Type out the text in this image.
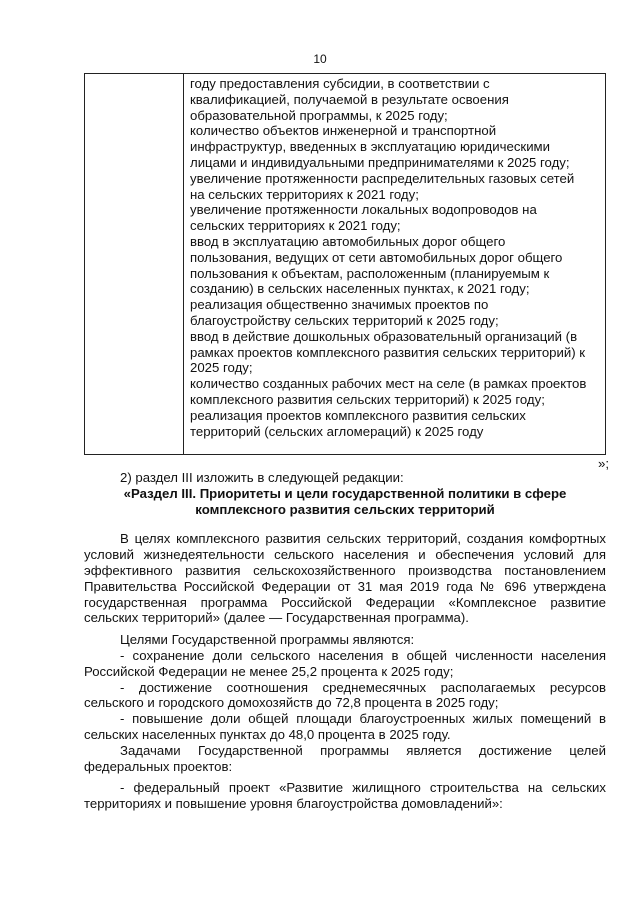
10

году предоставления субсидии, в соответствии с

квалификацией, получаемой в результате освоения

образовательной программы, к 2025 году;

количество объектов инженерной и транспортной

инфраструктур, введенных в эксплуатацию юридическими

лицами и индивидуальными предпринимателями к 2025 году;

увеличение протяженности распределительных газовых сетей

на сельских территориях к 2021 году;

увеличение протяженности локальных водопроводов на

сельских территориях к 2021 году;

ввод в эксплуатацию автомобильных дорог общего

пользования, ведущих от сети автомобильных дорог общего

пользования к объектам, расположенным (планируемым к

созданию) в сельских населенных пунктах, к 2021 году;

реализация общественно значимых проектов по

благоустройству сельских территорий к 2025 году;

ввод в действие дошкольных образовательный организаций (в

рамках проектов комплексного развития сельских территорий) к

2025 году;

количество созданных рабочих мест на селе (в рамках проектов

комплексного развития сельских территорий) к 2025 году;

реализация проектов комплексного развития сельских

территорий (сельских агломераций) к 2025 году

»;

2) раздел III изложить в следующей редакции:

«Раздел III. Приоритеты и цели государственной политики в сфере

комплексного развития сельских территорий

В целях комплексного развития сельских территорий, создания комфортных условий жизнедеятельности сельского населения и обеспечения условий для эффективного развития сельскохозяйственного производства постановлением Правительства Российской Федерации от 31 мая 2019 года № 696 утверждена государственная программа Российской Федерации «Комплексное развитие сельских территорий» (далее — Государственная программа).

Целями Государственной программы являются:

- сохранение доли сельского населения в общей численности населения Российской Федерации не менее 25,2 процента к 2025 году;

- достижение соотношения среднемесячных располагаемых ресурсов сельского и городского домохозяйств до 72,8 процента в 2025 году;

- повышение доли общей площади благоустроенных жилых помещений в сельских населенных пунктах до 48,0 процента в 2025 году.

Задачами Государственной программы является достижение целей федеральных проектов:

- федеральный проект «Развитие жилищного строительства на сельских территориях и повышение уровня благоустройства домовладений»:
